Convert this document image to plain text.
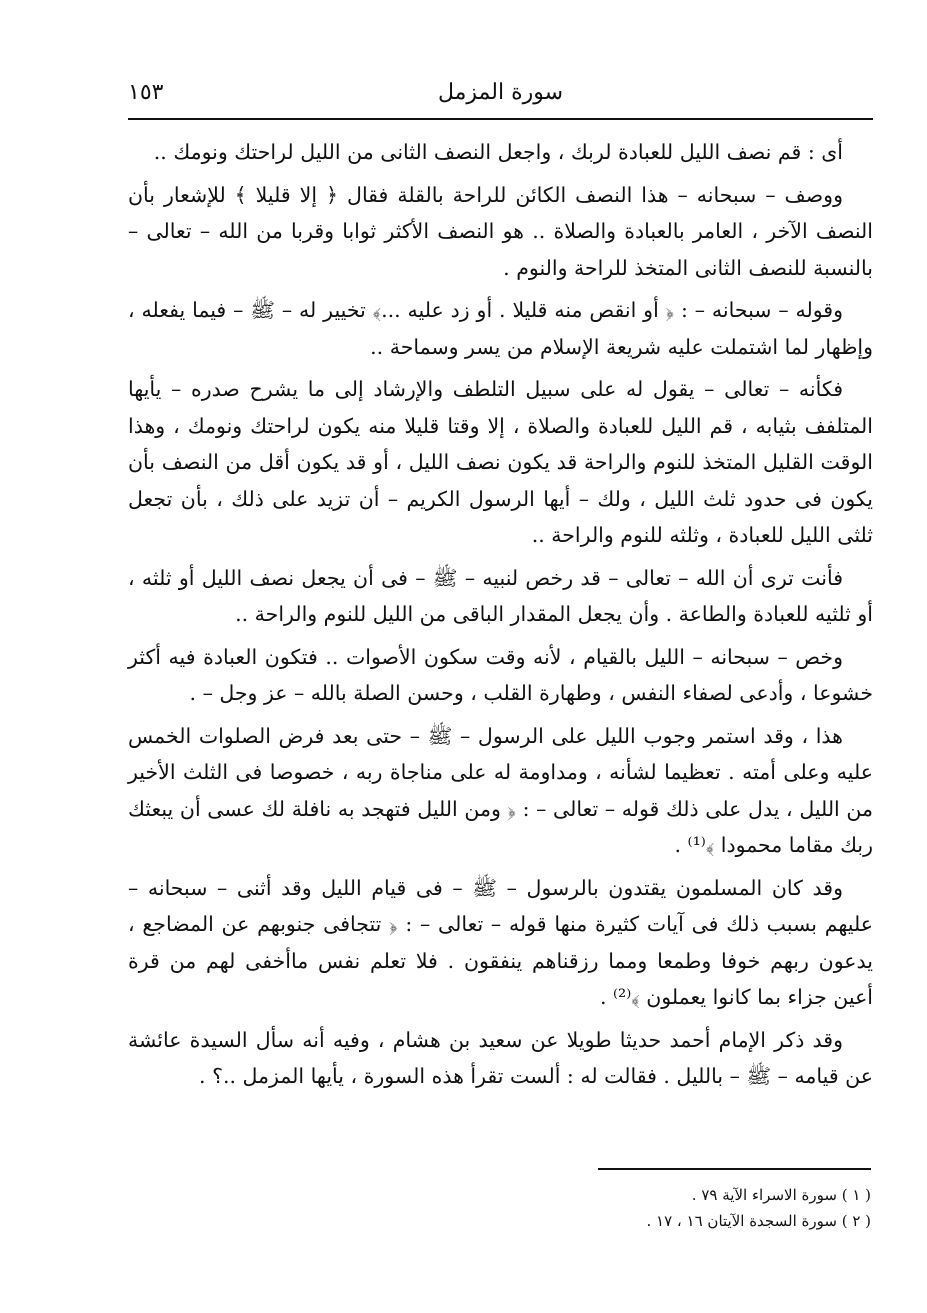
سورة المزمل
١٥٣

أى : قم نصف الليل للعبادة لربك ، واجعل النصف الثانى من الليل لراحتك ونومك ..

ووصف – سبحانه – هذا النصف الكائن للراحة بالقلة فقال ﴿ إلا قليلا ﴾ للإشعار بأن النصف الآخر ، العامر بالعبادة والصلاة .. هو النصف الأكثر ثوابا وقربا من الله – تعالى – بالنسبة للنصف الثانى المتخذ للراحة والنوم .

وقوله – سبحانه – : ﴿ أو انقص منه قليلا . أو زد عليه ...﴾ تخيير له – ﷺ – فيما يفعله ، وإظهار لما اشتملت عليه شريعة الإسلام من يسر وسماحة ..

فكأنه – تعالى – يقول له على سبيل التلطف والإرشاد إلى ما يشرح صدره – يأيها المتلفف بثيابه ، قم الليل للعبادة والصلاة ، إلا وقتا قليلا منه يكون لراحتك ونومك ، وهذا الوقت القليل المتخذ للنوم والراحة قد يكون نصف الليل ، أو قد يكون أقل من النصف بأن يكون فى حدود ثلث الليل ، ولك – أيها الرسول الكريم – أن تزيد على ذلك ، بأن تجعل ثلثى الليل للعبادة ، وثلثه للنوم والراحة ..

فأنت ترى أن الله – تعالى – قد رخص لنبيه – ﷺ – فى أن يجعل نصف الليل أو ثلثه ، أو ثلثيه للعبادة والطاعة . وأن يجعل المقدار الباقى من الليل للنوم والراحة ..

وخص – سبحانه – الليل بالقيام ، لأنه وقت سكون الأصوات .. فتكون العبادة فيه أكثر خشوعا ، وأدعى لصفاء النفس ، وطهارة القلب ، وحسن الصلة بالله – عز وجل – .

هذا ، وقد استمر وجوب الليل على الرسول – ﷺ – حتى بعد فرض الصلوات الخمس عليه وعلى أمته . تعظيما لشأنه ، ومداومة له على مناجاة ربه ، خصوصا فى الثلث الأخير من الليل ، يدل على ذلك قوله – تعالى – : ﴿ ومن الليل فتهجد به نافلة لك عسى أن يبعثك ربك مقاما محمودا ﴾⁽¹⁾ .

وقد كان المسلمون يقتدون بالرسول – ﷺ – فى قيام الليل وقد أثنى – سبحانه – عليهم بسبب ذلك فى آيات كثيرة منها قوله – تعالى – : ﴿ تتجافى جنوبهم عن المضاجع ، يدعون ربهم خوفا وطمعا ومما رزقناهم ينفقون . فلا تعلم نفس ماأخفى لهم من قرة أعين جزاء بما كانوا يعملون ﴾⁽²⁾ .

وقد ذكر الإمام أحمد حديثا طويلا عن سعيد بن هشام ، وفيه أنه سأل السيدة عائشة عن قيامه – ﷺ – بالليل . فقالت له : ألست تقرأ هذه السورة ، يأيها المزمل ..؟ .

( ١ ) سورة الاسراء الآية ٧٩ .
( ٢ ) سورة السجدة الآيتان ١٦ ، ١٧ .
